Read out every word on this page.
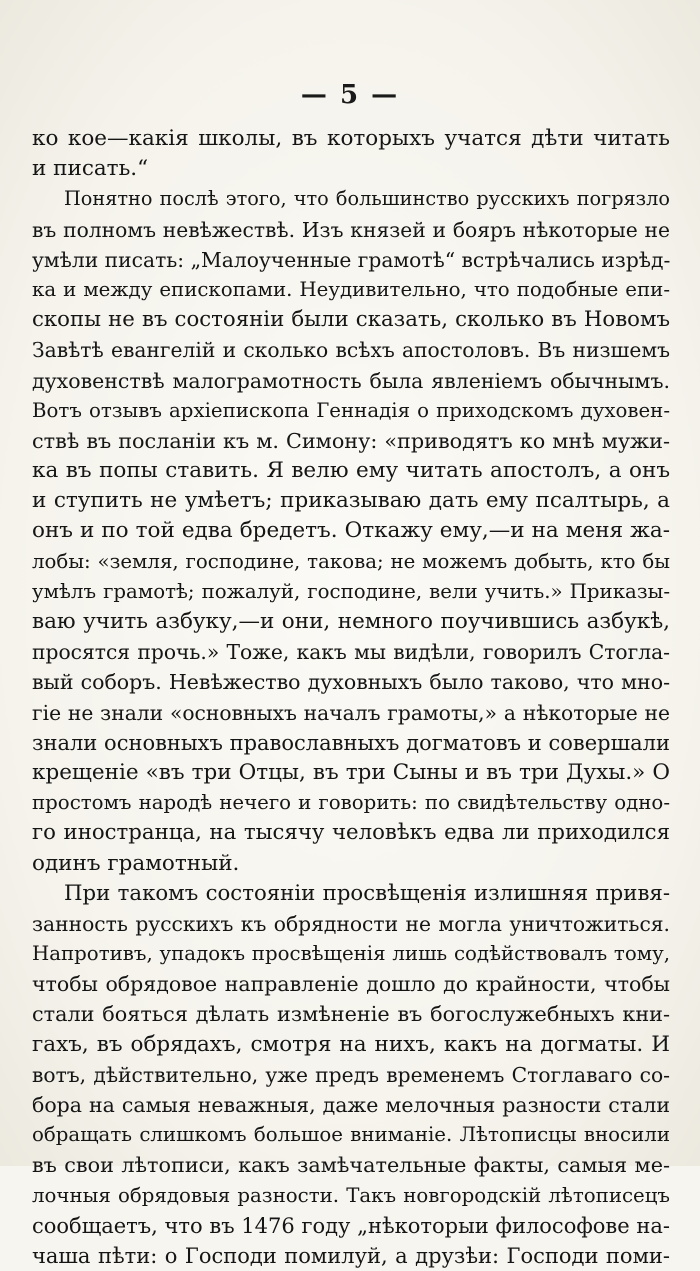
— 5 —
ко кое—какія школы, въ которыхъ учатся дѣти читать
и писать.“
Понятно послѣ этого, что большинство русскихъ погрязло
въ полномъ невѣжествѣ. Изъ князей и бояръ нѣкоторые не
умѣли писать: „Малоученные грамотѣ“ встрѣчались изрѣд-
ка и между епископами. Неудивительно, что подобные епи-
скопы не въ состояніи были сказать, сколько въ Новомъ
Завѣтѣ евангелій и сколько всѣхъ апостоловъ. Въ низшемъ
духовенствѣ малограмотность была явленіемъ обычнымъ.
Вотъ отзывъ архіепископа Геннадія о приходскомъ духовен-
ствѣ въ посланіи къ м. Симону: «приводятъ ко мнѣ мужи-
ка въ попы ставить. Я велю ему читать апостолъ, а онъ
и ступить не умѣетъ; приказываю дать ему псалтырь, а
онъ и по той едва бредетъ. Откажу ему,—и на меня жа-
лобы: «земля, господине, такова; не можемъ добыть, кто бы
умѣлъ грамотѣ; пожалуй, господине, вели учить.» Приказы-
ваю учить азбуку,—и они, немного поучившись азбукѣ,
просятся прочь.» Тоже, какъ мы видѣли, говорилъ Стогла-
вый соборъ. Невѣжество духовныхъ было таково, что мно-
гіе не знали «основныхъ началъ грамоты,» а нѣкоторые не
знали основныхъ православныхъ догматовъ и совершали
крещеніе «въ три Отцы, въ три Сыны и въ три Духы.» О
простомъ народѣ нечего и говорить: по свидѣтельству одно-
го иностранца, на тысячу человѣкъ едва ли приходился
одинъ грамотный.
При такомъ состояніи просвѣщенія излишняя привя-
занность русскихъ къ обрядности не могла уничтожиться.
Напротивъ, упадокъ просвѣщенія лишь содѣйствовалъ тому,
чтобы обрядовое направленіе дошло до крайности, чтобы
стали бояться дѣлать измѣненіе въ богослужебныхъ кни-
гахъ, въ обрядахъ, смотря на нихъ, какъ на догматы. И
вотъ, дѣйствительно, уже предъ временемъ Стоглаваго со-
бора на самыя неважныя, даже мелочныя разности стали
обращать слишкомъ большое вниманіе. Лѣтописцы вносили
въ свои лѣтописи, какъ замѣчательные факты, самыя ме-
лочныя обрядовыя разности. Такъ новгородскій лѣтописецъ
сообщаетъ, что въ 1476 году „нѣкоторыи философове на-
чаша пѣти: о Господи помилуй, а друзѣи: Господи поми-
